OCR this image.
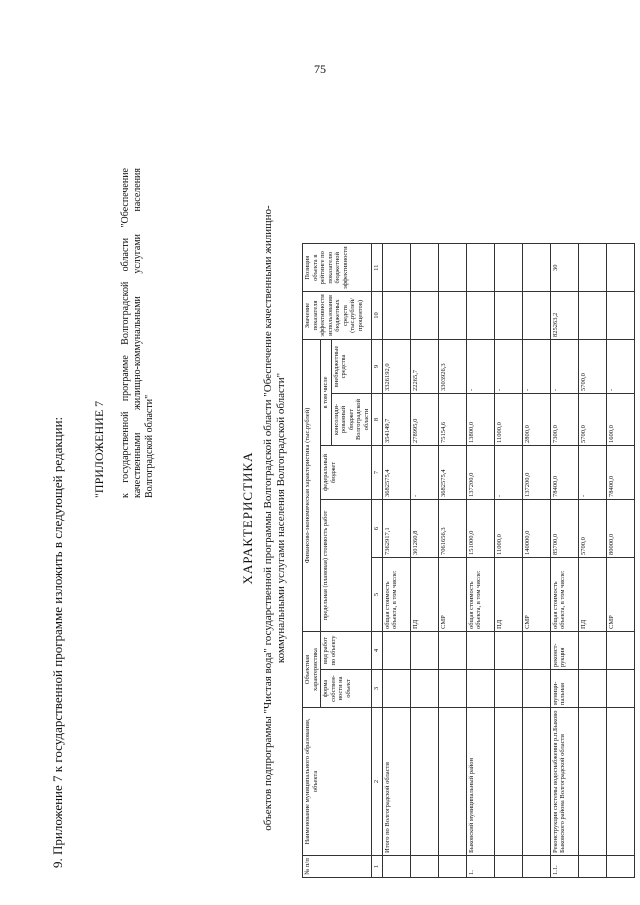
75
9. Приложение 7 к государственной программе изложить в следующей редакции: "ПРИЛОЖЕНИЕ 7 к государственной программе Волгоградской области "Обеспечение качественными жилищно-коммунальными услугами населения Волгоградской области"
ХАРАКТЕРИСТИКА объектов подпрограммы "Чистая вода" государственной программы Волгоградской области "Обеспечение качественными жилищно-коммунальными услугами населения Волгоградской области"
№ п/п	Наименование муниципального образования, объекта	Объектная характеристика		Финансово-экономическая характеристика (тыс.рублей)					Значение показателя эффективности использования бюджетных средств (тыс.рублей/ процентов)	Позиция объекта в рейтинге по показателю бюджетной эффективности
		форма собствен-ности на объект	вид работ по объекту	предельная (плановая) стоимость работ		федеральный бюджет	в том числе			
							консолиди-рованный бюджет Волгоградской области	внебюджетные средства		
1	2	3	4	5	6	7	8	9	10	11
	Итого по Волгоградской области			общая стоимость объекта, в том числе:	7362917,1	3682575,4	354149,7	3326192,0		
				ПД	301260,8	-	278995,0	22265,7		
				СМР	7061656,3	3682575,4	75154,6	3303926,3		
1.	Быковский муниципальный район			общая стоимость объекта, в том числе:	151000,0	137200,0	13800,0	-		
				ПД	11000,0	-	11000,0	-		
				СМР	140000,0	137200,0	2800,0	-		
1.1.	Реконструкция системы водоснабжения р.п.Быково Быковского района Волгоградской области	муници-пальная	реконст-рукция	общая стоимость объекта, в том числе:	85700,0	78400,0	7300,0	-	825263,2	30
				ПД	5700,0	-	5700,0	5700,0		
				СМР	80000,0	78400,0	1600,0	-		
